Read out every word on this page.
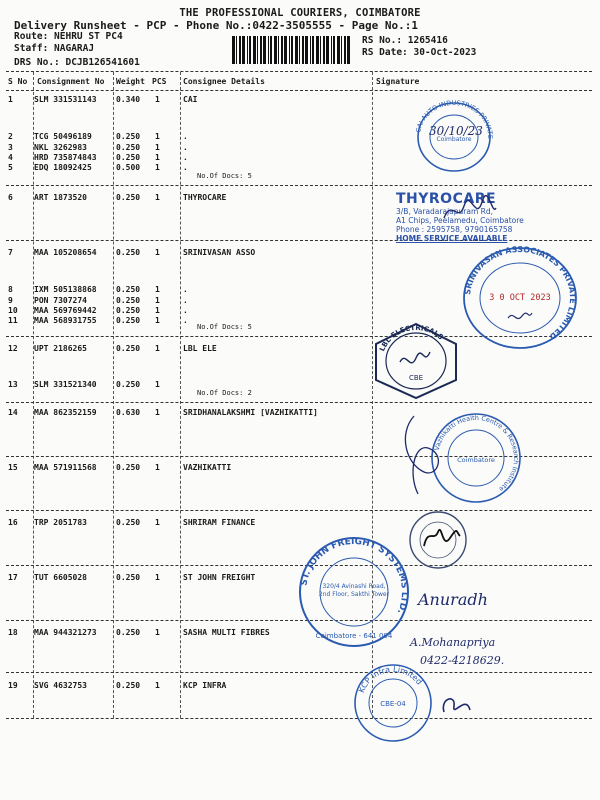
THE PROFESSIONAL COURIERS, COIMBATORE
Delivery Runsheet - PCP - Phone No.:0422-3505555 - Page No.:1
Route: NEHRU ST PC4
Staff: NAGARAJ
DRS No.: DCJB126541601
RS No.: 1265416
RS Date: 30-Oct-2023
S No Consignment No Weight PCS Consignee Details	Signature
1	SLM 331531143 0.340 1	CAI
2	TCG 50496189	0.250 1	.
3	NKL 3262983	0.250 1	.
4	HRD 735874843 0.250 1	.
5	EDQ 18092425	0.500 1	.
6	ART 1873520	0.250 1	THYROCARE
7	MAA 105208654 0.250 1	SRINIVASAN ASSO
8	IXM 505138868 0.250 1	.
9	PON 7307274	0.250 1	.
10 MAA 569769442 0.250 1	.
11 MAA 568931755 0.250 1	.
12 UPT 2186265	0.250 1	LBL ELE
13 SLM 331521340 0.250 1
14 MAA 862352159 0.630 1	SRIDHANALAKSHMI [VAZHIKATTI]
15 MAA 571911568 0.250 1	VAZHIKATTI
16 TRP 2051783	0.250 1	SHRIRAM FINANCE
17 TUT 6605028	0.250 1	ST JOHN FREIGHT
18 MAA 944321273 0.250 1	SASHA MULTI FIBRES
19 SVG 4632753	0.250 1	KCP INFRA
No.Of Docs: 5
No.Of Docs: 5
No.Of Docs: 2
CAI AUTO INDUSTRIES PRIVATE
Coimbatore
30/10/23
THYROCARE
3/B, Varadarajapuram Rd,
A1 Chips, Peelamedu, Coimbatore
Phone : 2595758, 9790165758
HOME SERVICE AVAILABLE
SRINIVASAN ASSOCIATES PRIVATE LIMITED
3 0 OCT 2023
LBL ELECTRICALS
CBE
Vazhikatti Health Centre & Research Institute
Coimbatore
ST. JOHN FREIGHT SYSTEMS LTD.
320/4 Avinashi Road,
2nd Floor, Sakthi Tower
Coimbatore - 641 004
Anuradh
A.Mohanapriya
0422-4218629.
KCP Infra Limited
CBE-04
